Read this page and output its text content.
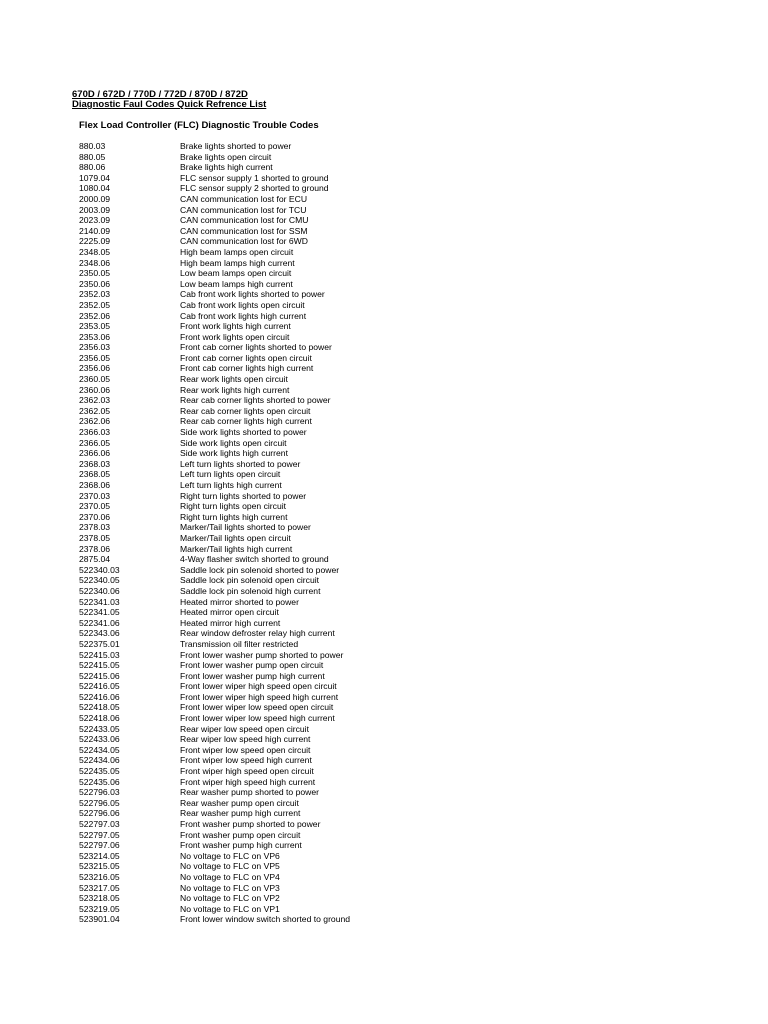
670D / 672D / 770D / 772D / 870D / 872D
Diagnostic Faul Codes Quick Refrence List
Flex Load Controller (FLC) Diagnostic Trouble Codes
880.03	Brake lights shorted to power
880.05	Brake lights open circuit
880.06	Brake lights high current
1079.04	FLC sensor supply 1 shorted to ground
1080.04	FLC sensor supply 2 shorted to ground
2000.09	CAN communication lost for ECU
2003.09	CAN communication lost for TCU
2023.09	CAN communication lost for CMU
2140.09	CAN communication lost for SSM
2225.09	CAN communication lost for 6WD
2348.05	High beam lamps open circuit
2348.06	High beam lamps high current
2350.05	Low beam lamps open circuit
2350.06	Low beam lamps high current
2352.03	Cab front work lights shorted to power
2352.05	Cab front work lights open circuit
2352.06	Cab front work lights high current
2353.05	Front work lights high current
2353.06	Front work lights open circuit
2356.03	Front cab corner lights shorted to power
2356.05	Front cab corner lights open circuit
2356.06	Front cab corner lights high current
2360.05	Rear work lights open circuit
2360.06	Rear work lights high current
2362.03	Rear cab corner lights shorted to power
2362.05	Rear cab corner lights open circuit
2362.06	Rear cab corner lights high current
2366.03	Side work lights shorted to power
2366.05	Side work lights open circuit
2366.06	Side work lights high current
2368.03	Left turn lights shorted to power
2368.05	Left turn lights open circuit
2368.06	Left turn lights high current
2370.03	Right turn lights shorted to power
2370.05	Right turn lights open circuit
2370.06	Right turn lights high current
2378.03	Marker/Tail lights shorted to power
2378.05	Marker/Tail lights open circuit
2378.06	Marker/Tail lights high current
2875.04	4-Way flasher switch shorted to ground
522340.03	Saddle lock pin solenoid shorted to power
522340.05	Saddle lock pin solenoid open circuit
522340.06	Saddle lock pin solenoid high current
522341.03	Heated mirror shorted to power
522341.05	Heated mirror open circuit
522341.06	Heated mirror high current
522343.06	Rear window defroster relay high current
522375.01	Transmission oil filter restricted
522415.03	Front lower washer pump shorted to power
522415.05	Front lower washer pump open circuit
522415.06	Front lower washer pump high current
522416.05	Front lower wiper high speed open circuit
522416.06	Front lower wiper high speed high current
522418.05	Front lower wiper low speed open circuit
522418.06	Front lower wiper low speed high current
522433.05	Rear wiper low speed open circuit
522433.06	Rear wiper low speed high current
522434.05	Front wiper low speed open circuit
522434.06	Front wiper low speed high current
522435.05	Front wiper high speed open circuit
522435.06	Front wiper high speed high current
522796.03	Rear washer pump shorted to power
522796.05	Rear washer pump open circuit
522796.06	Rear washer pump high current
522797.03	Front washer pump shorted to power
522797.05	Front washer pump open circuit
522797.06	Front washer pump high current
523214.05	No voltage to FLC on VP6
523215.05	No voltage to FLC on VP5
523216.05	No voltage to FLC on VP4
523217.05	No voltage to FLC on VP3
523218.05	No voltage to FLC on VP2
523219.05	No voltage to FLC on VP1
523901.04	Front lower window switch shorted to ground
